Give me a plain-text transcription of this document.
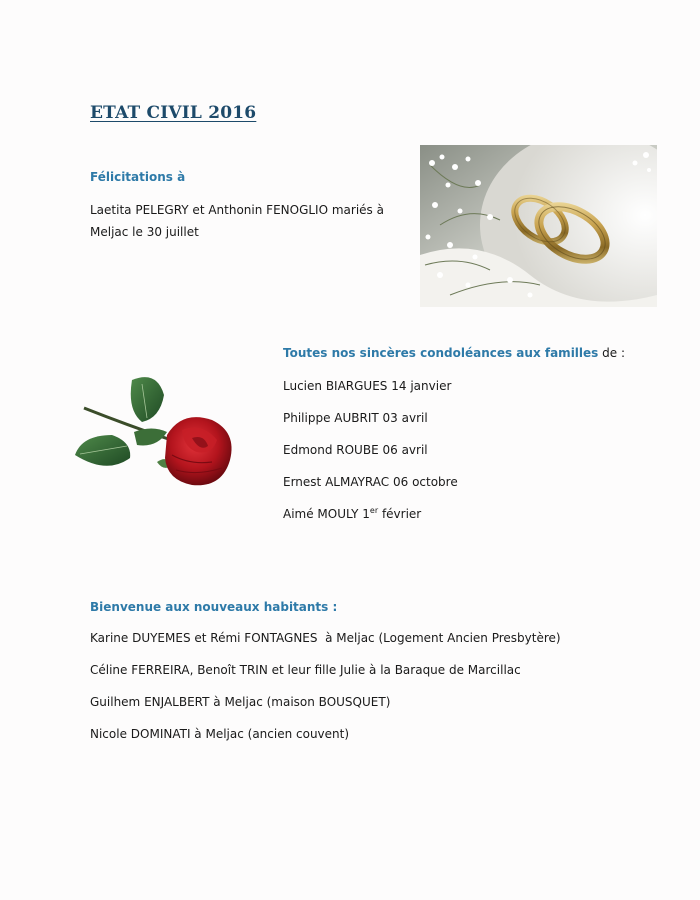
ETAT CIVIL 2016
Félicitations à
Laetita PELEGRY et Anthonin FENOGLIO mariés à Meljac le 30 juillet
Toutes nos sincères condoléances aux familles de :
Lucien BIARGUES 14 janvier
Philippe AUBRIT 03 avril
Edmond ROUBE 06 avril
Ernest ALMAYRAC 06 octobre
Aimé MOULY 1er février
Bienvenue aux nouveaux habitants :
Karine DUYEMES et Rémi FONTAGNES  à Meljac (Logement Ancien Presbytère)
Céline FERREIRA, Benoît TRIN et leur fille Julie à la Baraque de Marcillac
Guilhem ENJALBERT à Meljac (maison BOUSQUET)
Nicole DOMINATI à Meljac (ancien couvent)
